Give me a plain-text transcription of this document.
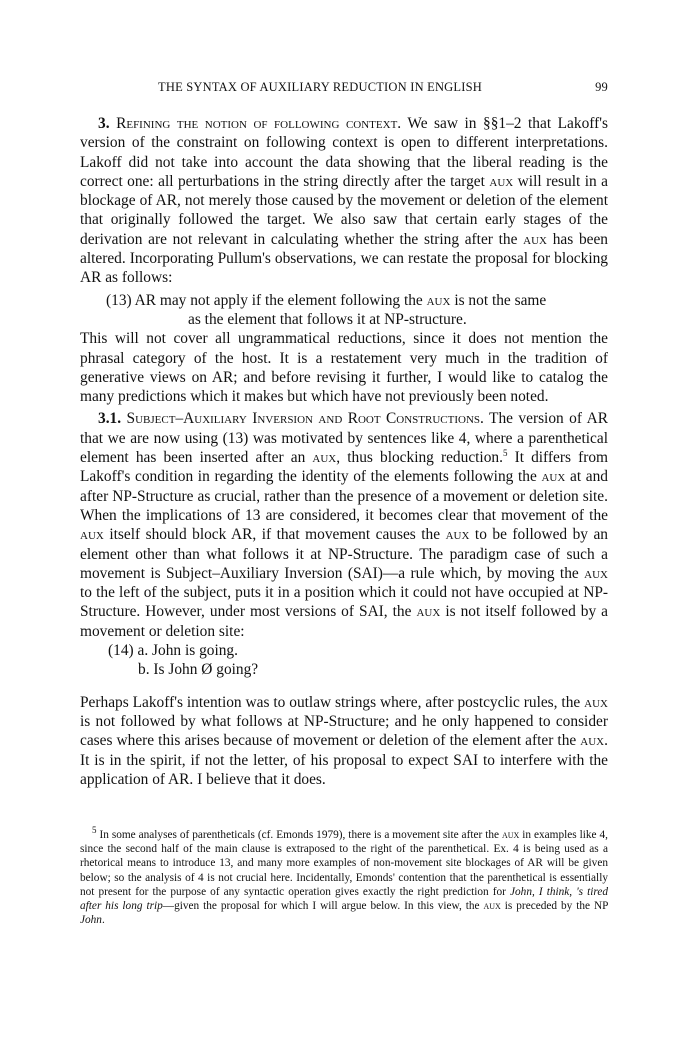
THE SYNTAX OF AUXILIARY REDUCTION IN ENGLISH	99

3. Refining the notion of following context. We saw in §§1–2 that Lakoff's version of the constraint on following context is open to different interpretations. Lakoff did not take into account the data showing that the liberal reading is the correct one: all perturbations in the string directly after the target aux will result in a blockage of AR, not merely those caused by the movement or deletion of the element that originally followed the target. We also saw that certain early stages of the derivation are not relevant in calculating whether the string after the aux has been altered. Incorporating Pullum's observations, we can restate the proposal for blocking AR as follows:

(13) AR may not apply if the element following the aux is not the same
as the element that follows it at NP-structure.

This will not cover all ungrammatical reductions, since it does not mention the phrasal category of the host. It is a restatement very much in the tradition of generative views on AR; and before revising it further, I would like to catalog the many predictions which it makes but which have not previously been noted.

3.1. Subject–Auxiliary Inversion and Root Constructions. The version of AR that we are now using (13) was motivated by sentences like 4, where a parenthetical element has been inserted after an aux, thus blocking reduction.$^5$ It differs from Lakoff's condition in regarding the identity of the elements following the aux at and after NP-Structure as crucial, rather than the presence of a movement or deletion site. When the implications of 13 are considered, it becomes clear that movement of the aux itself should block AR, if that movement causes the aux to be followed by an element other than what follows it at NP-Structure. The paradigm case of such a movement is Subject–Auxiliary Inversion (SAI)—a rule which, by moving the aux to the left of the subject, puts it in a position which it could not have occupied at NP-Structure. However, under most versions of SAI, the aux is not itself followed by a movement or deletion site:

(14) a. John is going.
b. Is John Ø going?

Perhaps Lakoff's intention was to outlaw strings where, after postcyclic rules, the aux is not followed by what follows at NP-Structure; and he only happened to consider cases where this arises because of movement or deletion of the element after the aux. It is in the spirit, if not the letter, of his proposal to expect SAI to interfere with the application of AR. I believe that it does.

$^5$ In some analyses of parentheticals (cf. Emonds 1979), there is a movement site after the aux in examples like 4, since the second half of the main clause is extraposed to the right of the parenthetical. Ex. 4 is being used as a rhetorical means to introduce 13, and many more examples of non-movement site blockages of AR will be given below; so the analysis of 4 is not crucial here. Incidentally, Emonds' contention that the parenthetical is essentially not present for the purpose of any syntactic operation gives exactly the right prediction for John, I think, 's tired after his long trip—given the proposal for which I will argue below. In this view, the aux is preceded by the NP John.
